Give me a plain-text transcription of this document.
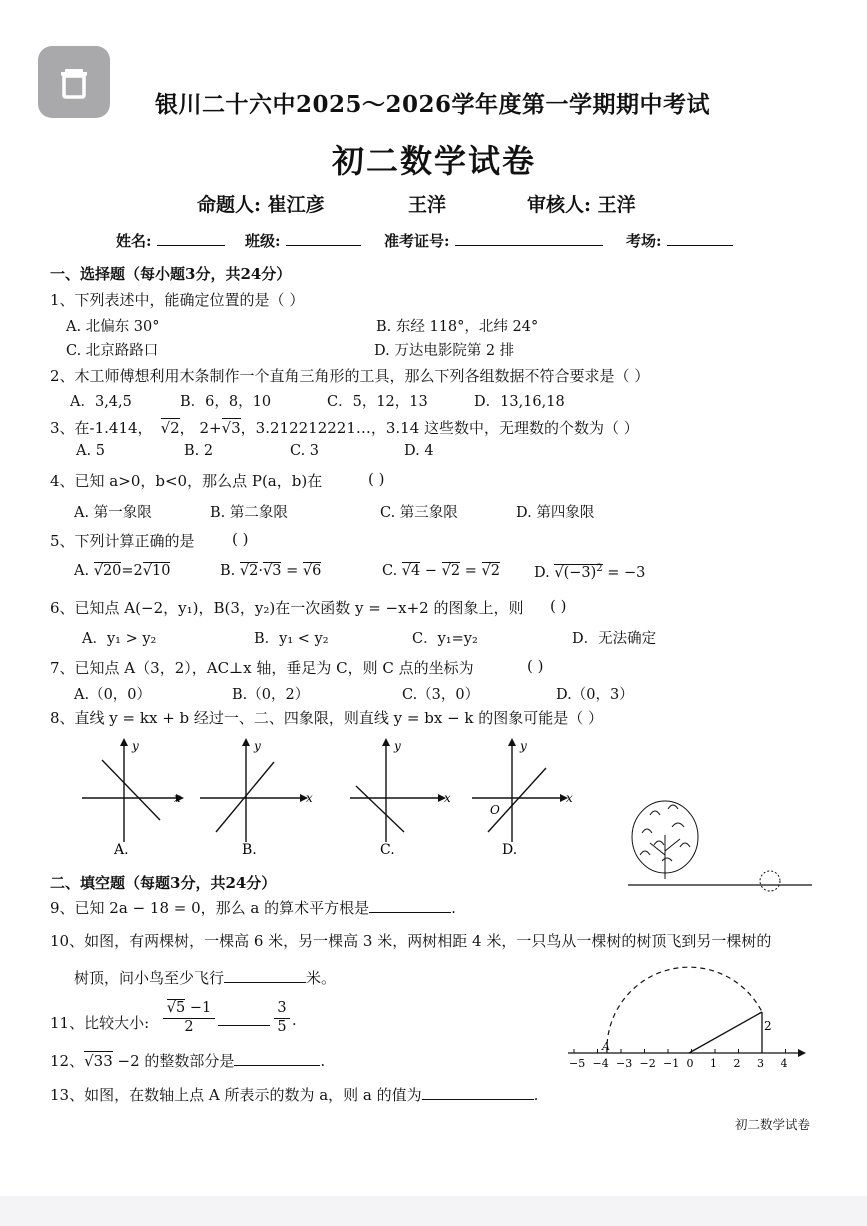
银川二十六中2025～2026学年度第一学期期中考试
初二数学试卷
命题人: 崔江彦	王洋	审核人: 王洋
姓名:	班级:	准考证号:	考场:
一、选择题（每小题3分，共24分）
1、下列表述中，能确定位置的是（ ）
A. 北偏东 30°	B. 东经 118°，北纬 24°
C. 北京路路口	D. 万达电影院第 2 排
2、木工师傅想利用木条制作一个直角三角形的工具，那么下列各组数据不符合要求是（ ）
A．3,4,5	B．6，8，10	C．5，12，13	D．13,16,18
3、在-1.414， √2， 2+√3，3.212212221…，3.14 这些数中，无理数的个数为（ ）
A. 5	B. 2	C. 3	D. 4
4、已知 a>0，b<0，那么点 P(a，b)在	( )
A. 第一象限	B. 第二象限	C. 第三象限	D. 第四象限
5、下列计算正确的是 ( )
A. √20=2√10	B. √2·√3 = √6	C. √4 − √2 = √2 D. $√(-3)^2 = -3$
6、已知点 A(−2，y₁)，B(3，y₂)在一次函数 y = −x+2 的图象上，则 ( )
A．y₁ > y₂	B．y₁ < y₂	C．y₁=y₂	D．无法确定
7、已知点 A（3，2），AC⊥x 轴，垂足为 C，则 C 点的坐标为	( )
A.（0，0）	B.（0，2）	C.（3，0）	D.（0，3）
8、直线 y = kx + b 经过一、二、四象限，则直线 y = bx − k 的图象可能是（ ）
y
x
A.
y
x
B.
y
x
C.
y
x
O
D.
二、填空题（每题3分，共24分）
9、已知 2a − 18 = 0，那么 a 的算术平方根是	.
10、如图，有两棵树，一棵高 6 米，另一棵高 3 米，两树相距 4 米，一只鸟从一棵树的树顶飞到另一棵树的
树顶，问小鸟至少飞行	米。
11、比较大小:
√5 −1
2
3
5 .
12、√33 −2 的整数部分是	.
13、如图，在数轴上点 A 所表示的数为 a，则 a 的值为	.
−5 −4 −3 −2 −1 0 1 2 3 4
A
2
初二数学试卷
